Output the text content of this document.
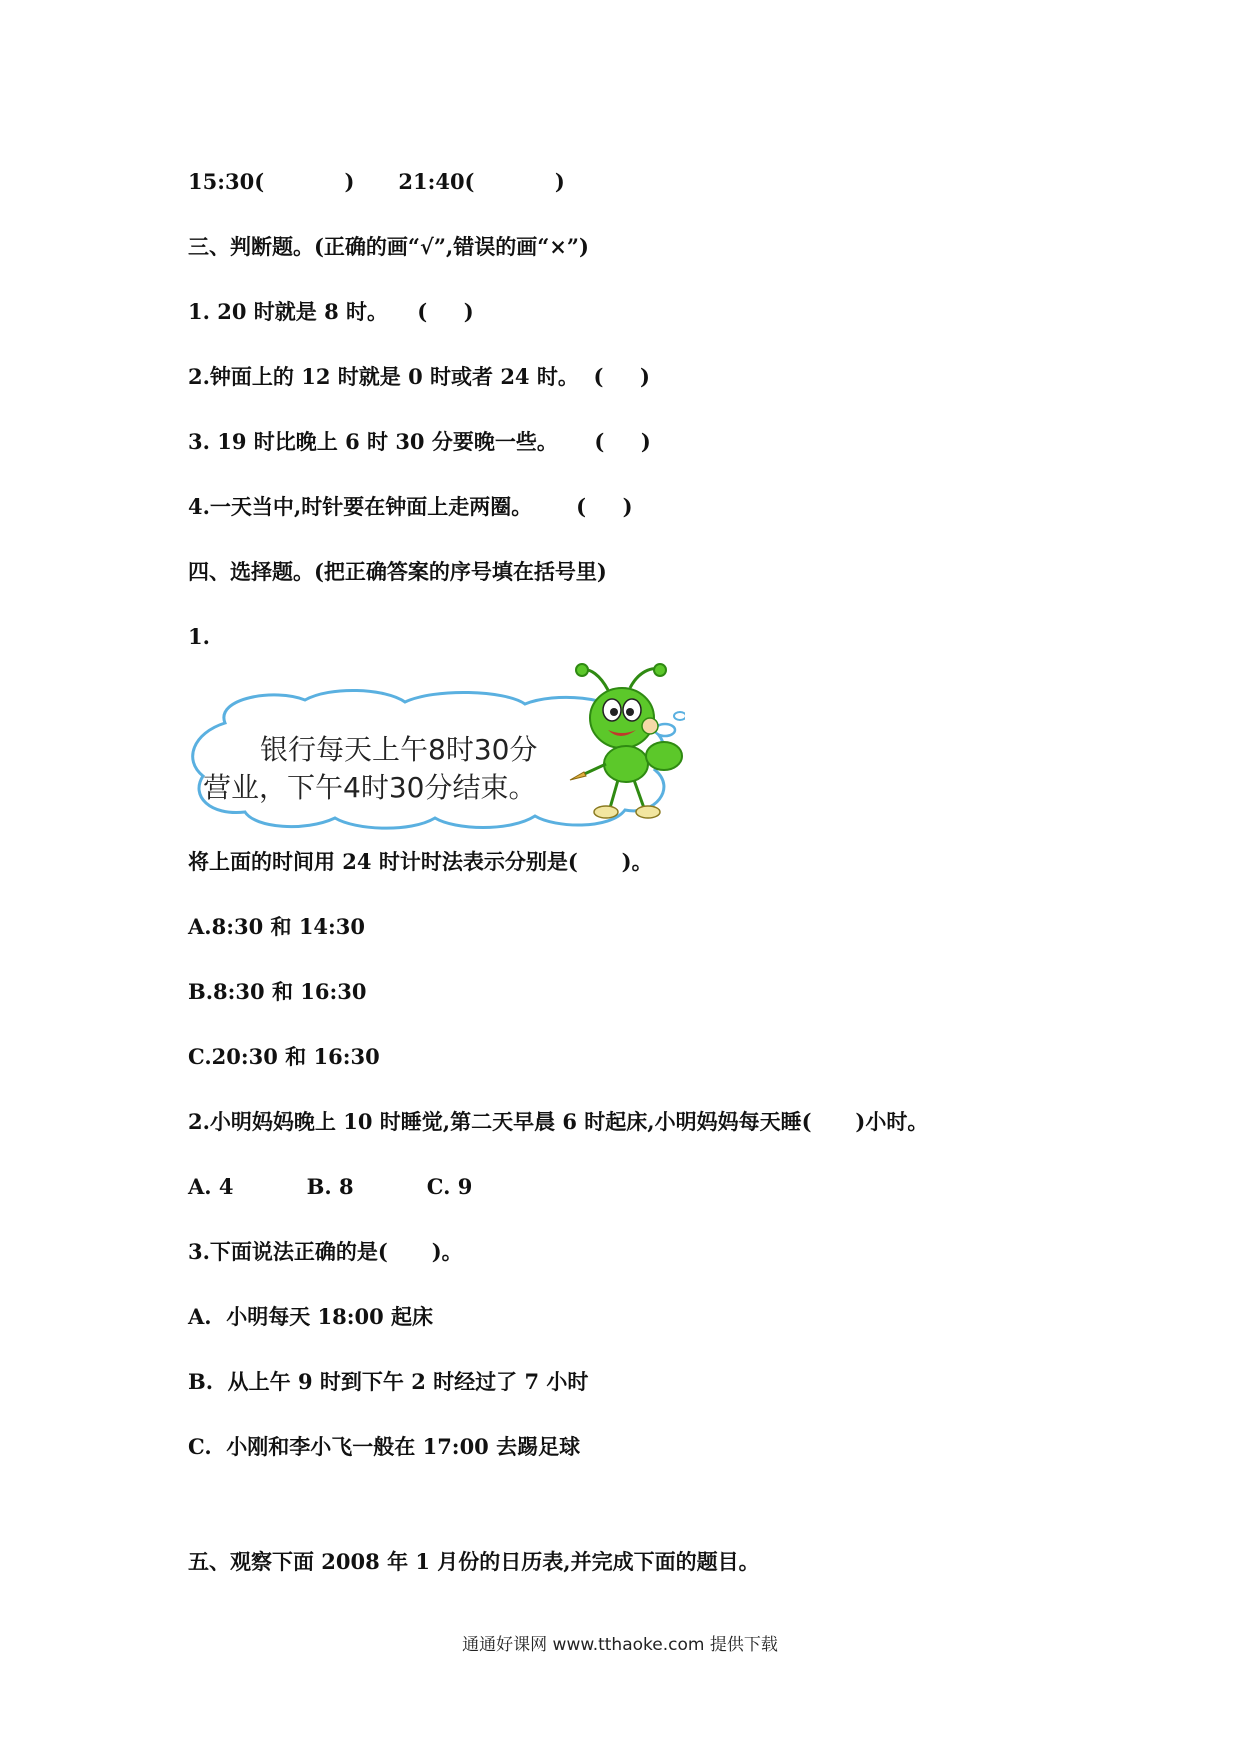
15:30(           )      21:40(           )
三、判断题。(正确的画“√”,错误的画“×”)
1. 20 时就是 8 时。    (     )
2.钟面上的 12 时就是 0 时或者 24 时。  (     )
3. 19 时比晚上 6 时 30 分要晚一些。     (     )
4.一天当中,时针要在钟面上走两圈。      (     )
四、选择题。(把正确答案的序号填在括号里)
1.
银行每天上午8时30分
营业，下午4时30分结束。
将上面的时间用 24 时计时法表示分别是(      )。
A.8:30 和 14:30
B.8:30 和 16:30
C.20:30 和 16:30
2.小明妈妈晚上 10 时睡觉,第二天早晨 6 时起床,小明妈妈每天睡(      )小时。
A. 4          B. 8          C. 9
3.下面说法正确的是(      )。
A.  小明每天 18:00 起床
B.  从上午 9 时到下午 2 时经过了 7 小时
C.  小刚和李小飞一般在 17:00 去踢足球
五、观察下面 2008 年 1 月份的日历表,并完成下面的题目。
通通好课网 www.tthaoke.com 提供下载
